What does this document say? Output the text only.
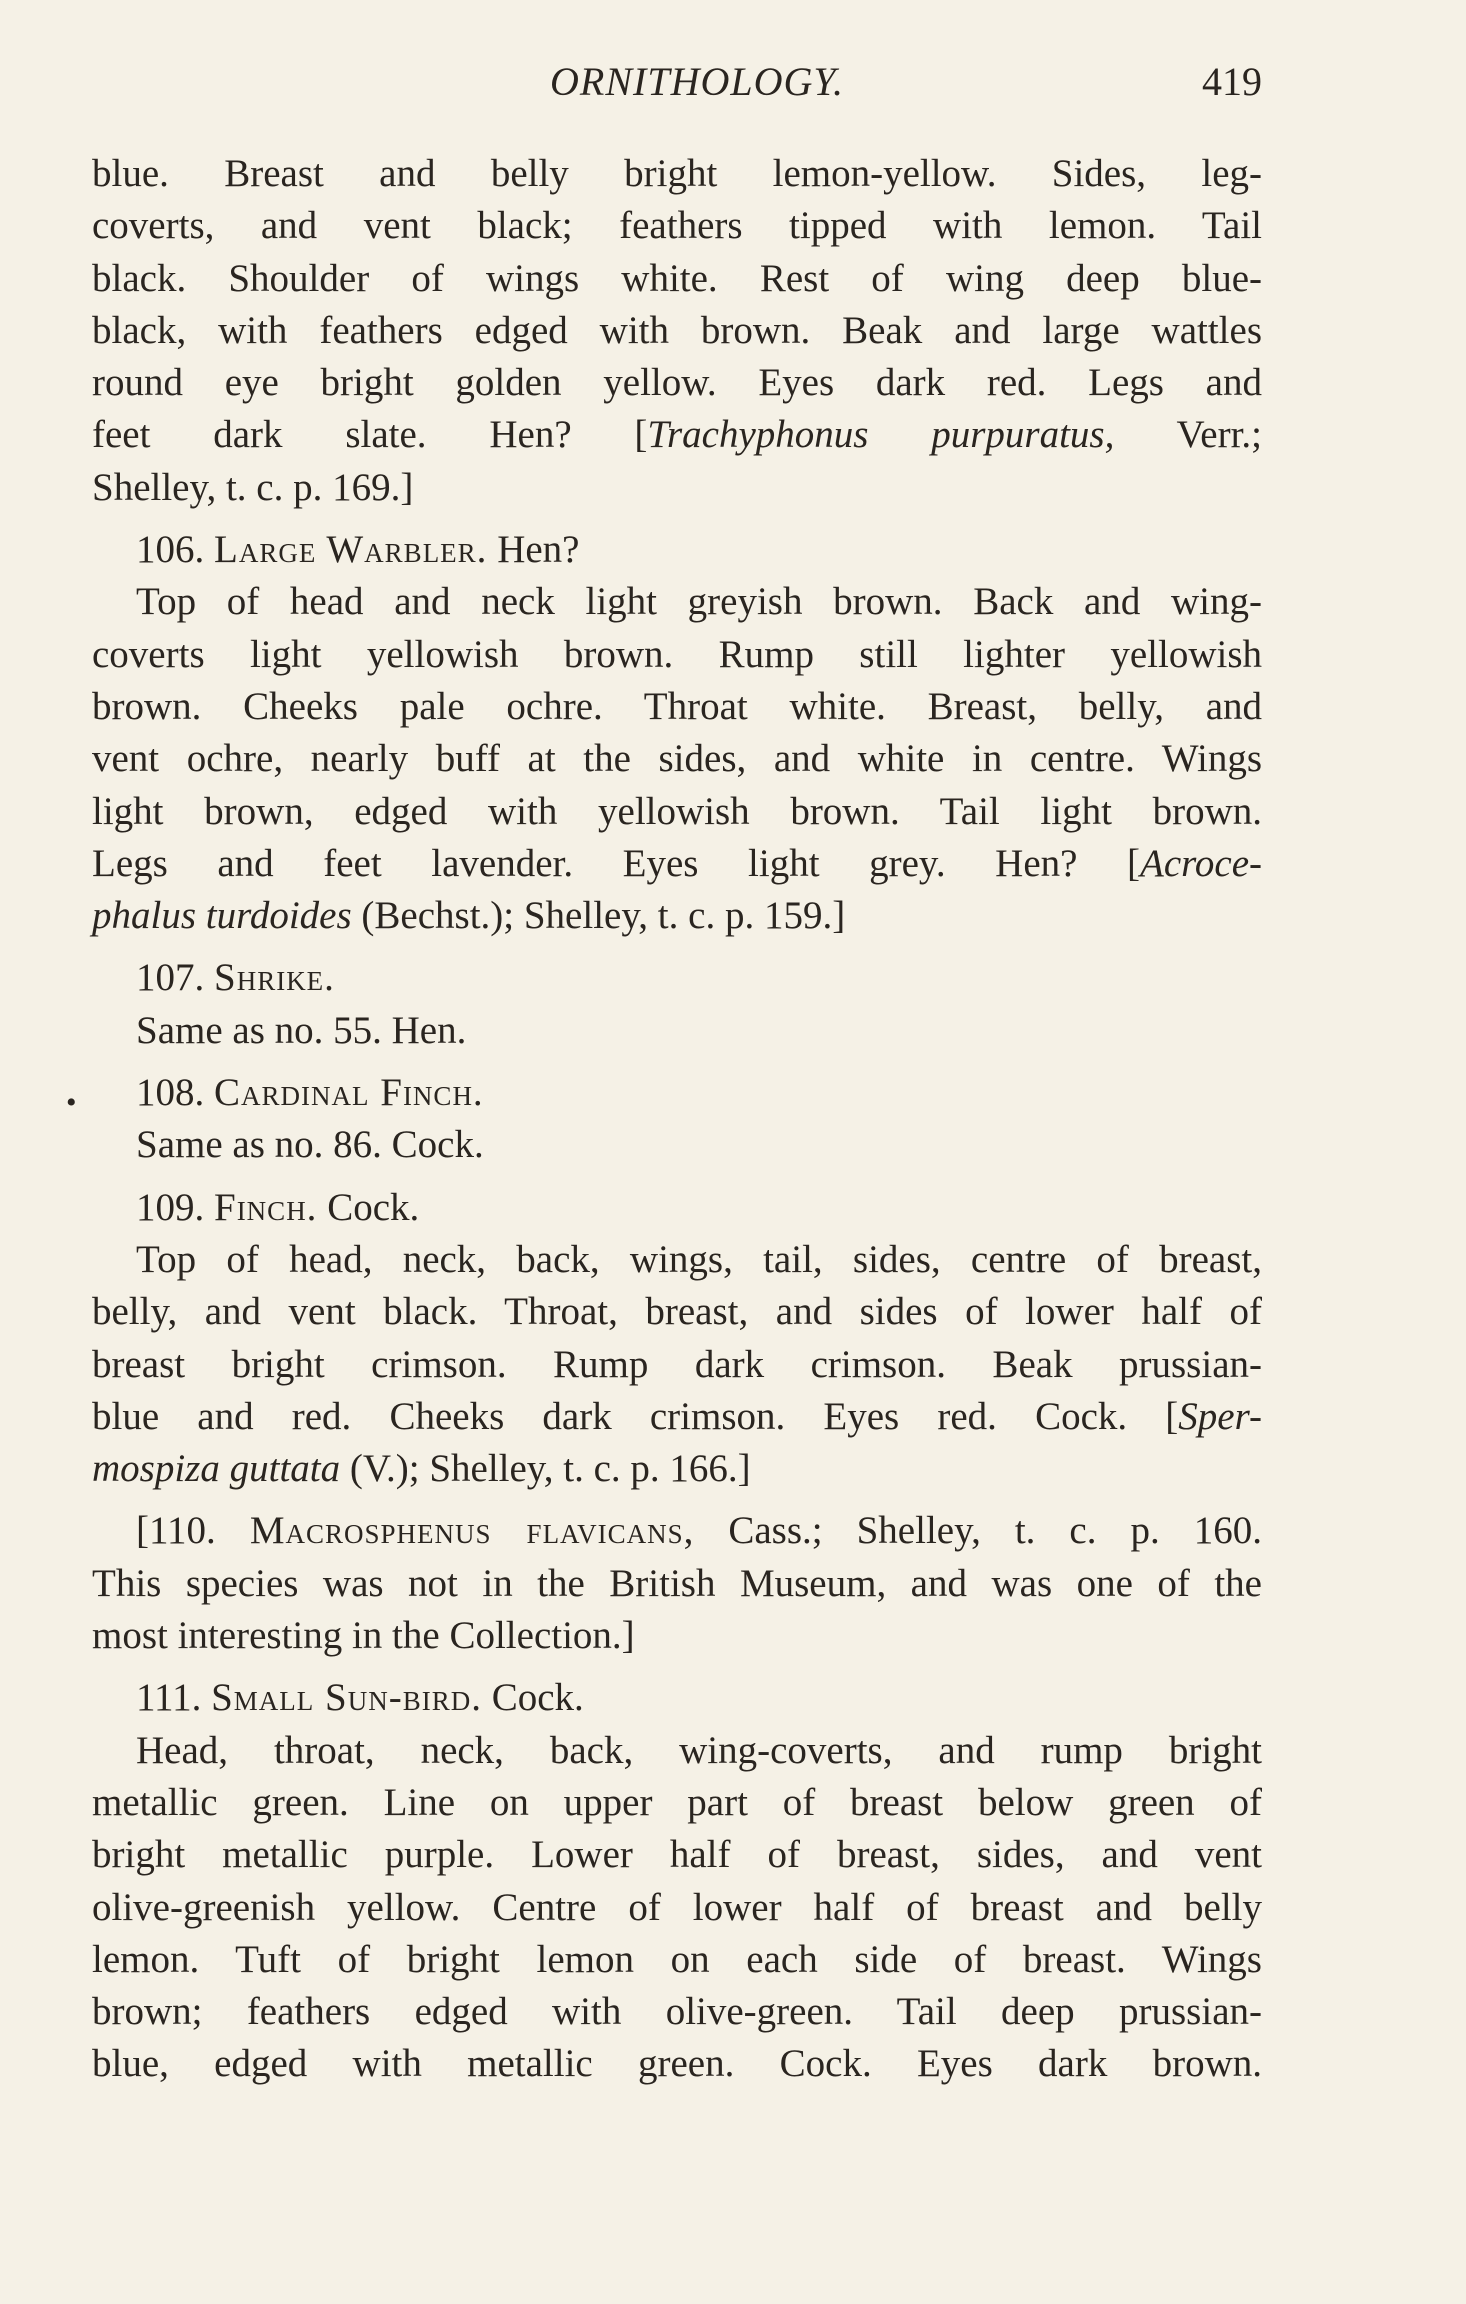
ORNITHOLOGY.	419
blue. Breast and belly bright lemon-yellow. Sides, leg-
coverts, and vent black; feathers tipped with lemon. Tail
black. Shoulder of wings white. Rest of wing deep blue-
black, with feathers edged with brown. Beak and large wattles
round eye bright golden yellow. Eyes dark red. Legs and
feet dark slate. Hen? [Trachyphonus purpuratus, Verr.;
Shelley, t. c. p. 169.]
106. Large Warbler. Hen?
Top of head and neck light greyish brown. Back and wing-
coverts light yellowish brown. Rump still lighter yellowish
brown. Cheeks pale ochre. Throat white. Breast, belly, and
vent ochre, nearly buff at the sides, and white in centre. Wings
light brown, edged with yellowish brown. Tail light brown.
Legs and feet lavender. Eyes light grey. Hen? [Acroce-
phalus turdoides (Bechst.); Shelley, t. c. p. 159.]
107. Shrike.
Same as no. 55. Hen.
•	108. Cardinal Finch.
Same as no. 86. Cock.
109. Finch. Cock.
Top of head, neck, back, wings, tail, sides, centre of breast,
belly, and vent black. Throat, breast, and sides of lower half of
breast bright crimson. Rump dark crimson. Beak prussian-
blue and red. Cheeks dark crimson. Eyes red. Cock. [Sper-
mospiza guttata (V.); Shelley, t. c. p. 166.]
[110. Macrosphenus flavicans, Cass.; Shelley, t. c. p. 160.
This species was not in the British Museum, and was one of the
most interesting in the Collection.]
111. Small Sun-bird. Cock.
Head, throat, neck, back, wing-coverts, and rump bright
metallic green. Line on upper part of breast below green of
bright metallic purple. Lower half of breast, sides, and vent
olive-greenish yellow. Centre of lower half of breast and belly
lemon. Tuft of bright lemon on each side of breast. Wings
brown; feathers edged with olive-green. Tail deep prussian-
blue, edged with metallic green. Cock. Eyes dark brown.
